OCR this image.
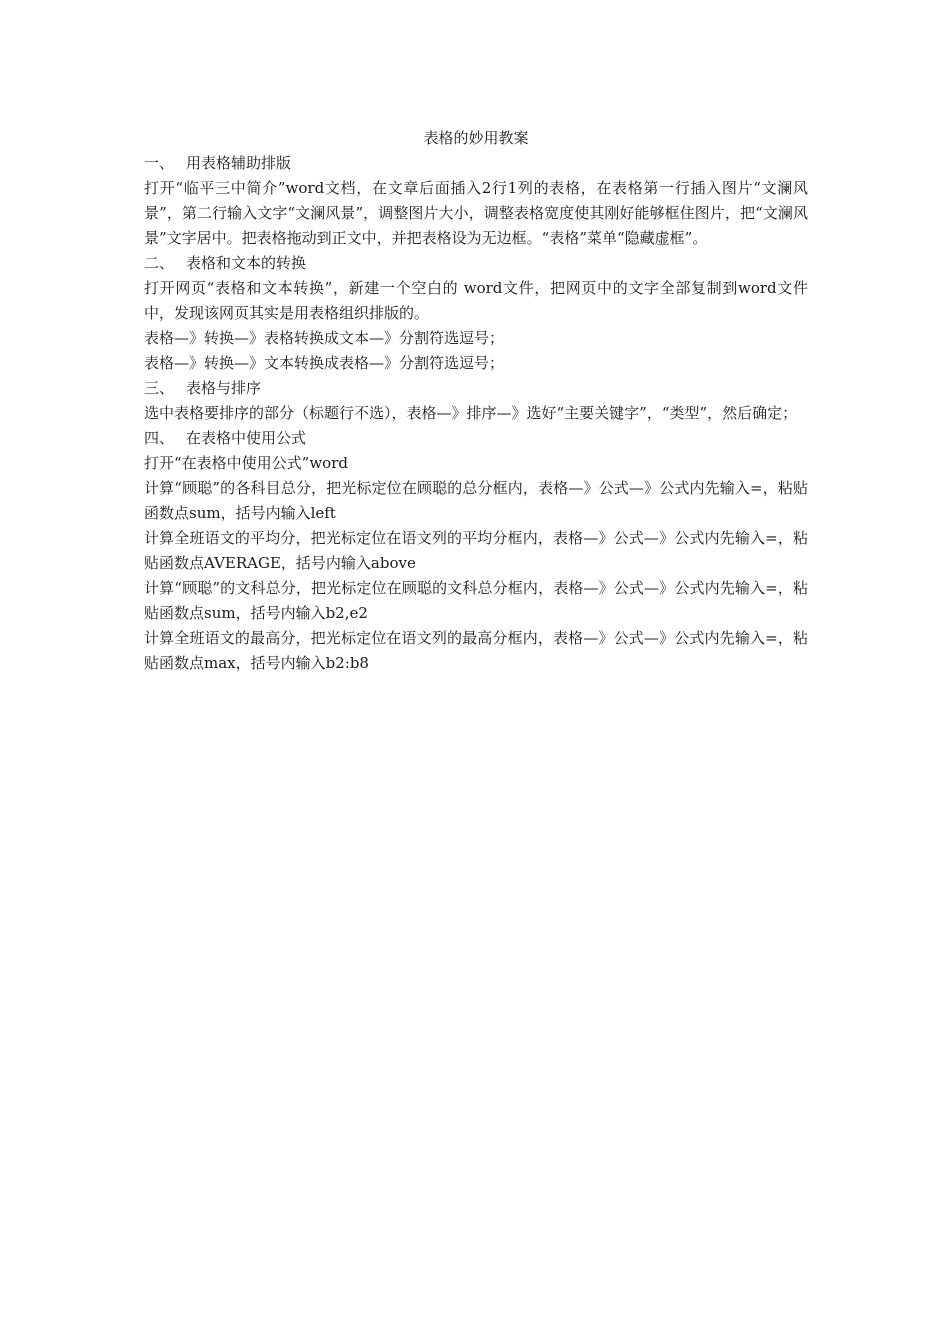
表格的妙用教案
一、 用表格辅助排版

打开“临平三中简介”word文档，在文章后面插入2行1列的表格，在表格第一行插入图片“文澜风景”，第二行输入文字“文澜风景”，调整图片大小，调整表格宽度使其刚好能够框住图片，把“文澜风景”文字居中。把表格拖动到正文中，并把表格设为无边框。“表格”菜单“隐藏虚框”。

二、 表格和文本的转换

打开网页“表格和文本转换”，新建一个空白的 word文件，把网页中的文字全部复制到word文件中，发现该网页其实是用表格组织排版的。

表格—》转换—》表格转换成文本—》分割符选逗号；

表格—》转换—》文本转换成表格—》分割符选逗号；

三、 表格与排序

选中表格要排序的部分（标题行不选），表格—》排序—》选好“主要关键字”，“类型”，然后确定；

四、 在表格中使用公式

打开“在表格中使用公式”word

计算“顾聪”的各科目总分，把光标定位在顾聪的总分框内，表格—》公式—》公式内先输入=，粘贴函数点sum，括号内输入left

计算全班语文的平均分，把光标定位在语文列的平均分框内，表格—》公式—》公式内先输入=，粘贴函数点AVERAGE，括号内输入above

计算“顾聪”的文科总分，把光标定位在顾聪的文科总分框内，表格—》公式—》公式内先输入=，粘贴函数点sum，括号内输入b2,e2

计算全班语文的最高分，把光标定位在语文列的最高分框内，表格—》公式—》公式内先输入=，粘贴函数点max，括号内输入b2:b8
